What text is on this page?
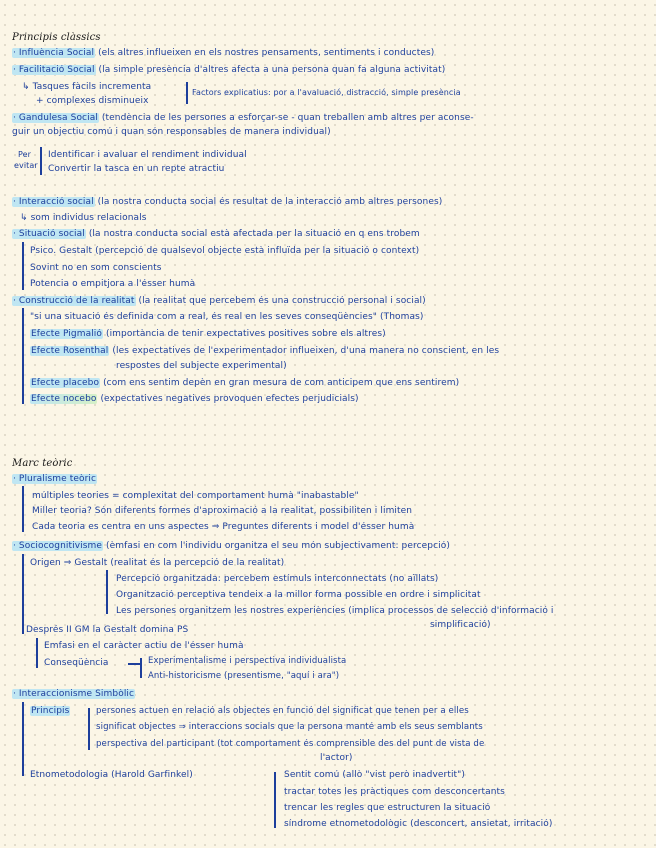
Principis clàssics
· Influència Social (els altres influeixen en els nostres pensaments, sentiments i conductes)
· Facilitació Social (la simple presència d'altres afecta a una persona quan fa alguna activitat)
↳ Tasques fàcils incrementa
Factors explicatius: por a l'avaluació, distracció, simple presència
+ complexes disminueix
· Gandulesa Social (tendència de les persones a esforçar-se - quan treballen amb altres per aconse-
guir un objectiu comú i quan són responsables de manera individual)
Per
evitar
Identificar i avaluar el rendiment individual
Convertir la tasca en un repte atractiu
· Interacció social (la nostra conducta social és resultat de la interacció amb altres persones)
↳ som individus relacionals
· Situació social (la nostra conducta social està afectada per la situació en q ens trobem
Psico. Gestalt (percepció de qualsevol objecte està influïda per la situació o context)
Sovint no en som conscients
Potencia o empitjora a l'ésser humà
· Construcció de la realitat (la realitat que percebem és una construcció personal i social)
"si una situació és definida com a real, és real en les seves conseqüències" (Thomas)
Efecte Pigmalió (importància de tenir expectatives positives sobre els altres)
Efecte Rosenthal (les expectatives de l'experimentador influeixen, d'una manera no conscient, en les
respostes del subjecte experimental)
Efecte placebo (com ens sentim depèn en gran mesura de com anticipem que ens sentirem)
Efecte nocebo (expectatives negatives provoquen efectes perjudicials)
Marc teòric
· Pluralisme teòric
múltiples teories = complexitat del comportament humà "inabastable"
Miller teoria? Són diferents formes d'aproximació a la realitat, possibiliten i limiten
Cada teoria es centra en uns aspectes ⇒ Preguntes diferents i model d'ésser humà
· Sociocognitivisme (èmfasi en com l'individu organitza el seu món subjectivament: percepció)
Origen ⇒ Gestalt (realitat és la percepció de la realitat)
Percepció organitzada: percebem estímuls interconnectats (no aïllats)
Organització perceptiva tendeix a la millor forma possible en ordre i simplicitat
Les persones organitzem les nostres experiències (implica processos de selecció d'informació i
simplificació)
Després II GM la Gestalt domina PS
Èmfasi en el caràcter actiu de l'ésser humà
Conseqüència	Experimentalisme i perspectiva individualista
Anti-historicisme (presentisme, "aquí i ara")
· Interaccionisme Simbòlic
Principis	persones actuen en relació als objectes en funció del significat que tenen per a elles
significat objectes ⇒ interaccions socials que la persona manté amb els seus semblants
perspectiva del participant (tot comportament és comprensible des del punt de vista de
l'actor)
Etnometodologia (Harold Garfinkel)	Sentit comú (allò "vist però inadvertit")
tractar totes les pràctiques com desconcertants
trencar les regles que estructuren la situació
síndrome etnometodològic (desconcert, ansietat, irritació)
